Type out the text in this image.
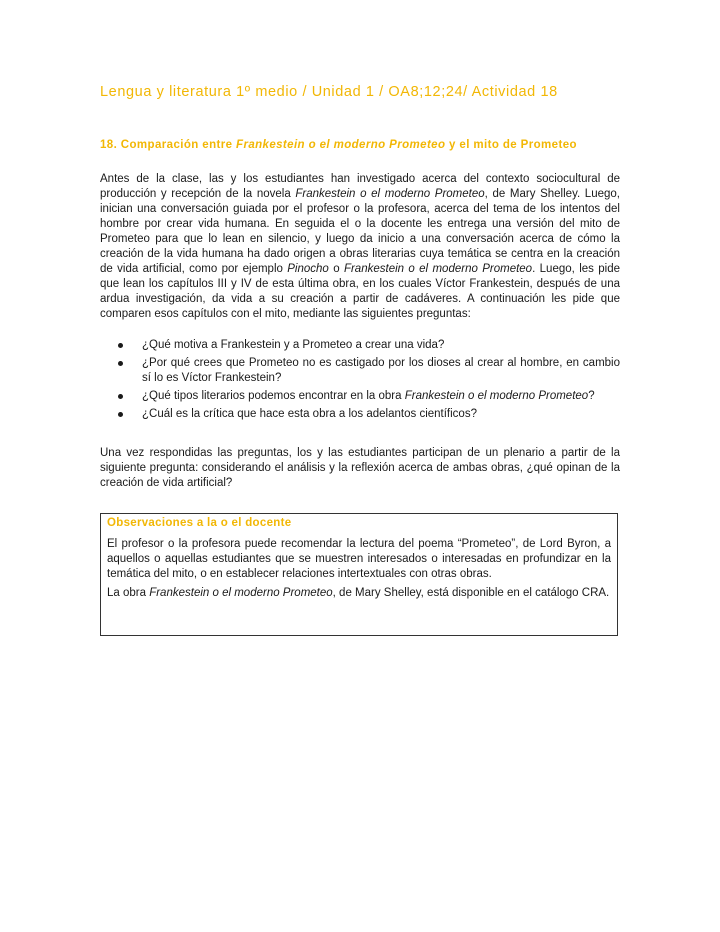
Lengua y literatura 1º medio / Unidad 1 / OA8;12;24/ Actividad 18
18. Comparación entre Frankestein o el moderno Prometeo y el mito de Prometeo

Antes de la clase, las y los estudiantes han investigado acerca del contexto sociocultural de producción y recepción de la novela Frankestein o el moderno Prometeo, de Mary Shelley. Luego, inician una conversación guiada por el profesor o la profesora, acerca del tema de los intentos del hombre por crear vida humana. En seguida el o la docente les entrega una versión del mito de Prometeo para que lo lean en silencio, y luego da inicio a una conversación acerca de cómo la creación de la vida humana ha dado origen a obras literarias cuya temática se centra en la creación de vida artificial, como por ejemplo Pinocho o Frankestein o el moderno Prometeo. Luego, les pide que lean los capítulos III y IV de esta última obra, en los cuales Víctor Frankestein, después de una ardua investigación, da vida a su creación a partir de cadáveres. A continuación les pide que comparen esos capítulos con el mito, mediante las siguientes preguntas:

¿Qué motiva a Frankestein y a Prometeo a crear una vida?
¿Por qué crees que Prometeo no es castigado por los dioses al crear al hombre, en cambio sí lo es Víctor Frankestein?
¿Qué tipos literarios podemos encontrar en la obra Frankestein o el moderno Prometeo?
¿Cuál es la crítica que hace esta obra a los adelantos científicos?

Una vez respondidas las preguntas, los y las estudiantes participan de un plenario a partir de la siguiente pregunta: considerando el análisis y la reflexión acerca de ambas obras, ¿qué opinan de la creación de vida artificial?

Observaciones a la o el docente

El profesor o la profesora puede recomendar la lectura del poema “Prometeo”, de Lord Byron, a aquellos o aquellas estudiantes que se muestren interesados o interesadas en profundizar en la temática del mito, o en establecer relaciones intertextuales con otras obras.

La obra Frankestein o el moderno Prometeo, de Mary Shelley, está disponible en el catálogo CRA.
